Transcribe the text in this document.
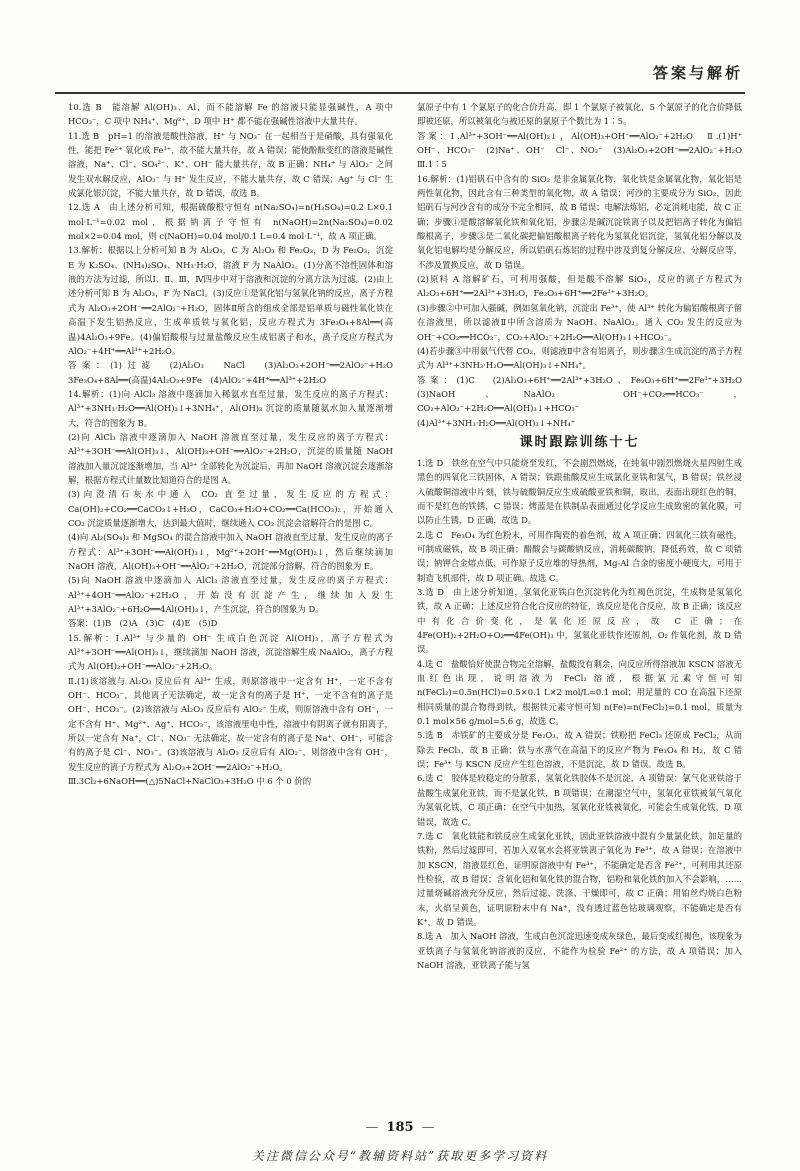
答案与解析

10.选 B　能溶解 Al(OH)₃、Al，而不能溶解 Fe 的溶液只能显强碱性，A 项中 HCO₃⁻，C 项中 NH₄⁺、Mg²⁺，D 项中 H⁺ 都不能在强碱性溶液中大量共存。

11.选 B　pH=1 的溶液是酸性溶液，H⁺ 与 NO₃⁻ 在一起相当于是硝酸，具有强氧化性，能把 Fe²⁺ 氧化成 Fe³⁺，故不能大量共存，故 A 错误；能使酚酞变红的溶液是碱性溶液，Na⁺、Cl⁻、SO₄²⁻、K⁺、OH⁻ 能大量共存，故 B 正确；NH₄⁺ 与 AlO₂⁻ 之间发生双水解反应，AlO₂⁻ 与 H⁺ 发生反应，不能大量共存，故 C 错误；Ag⁺ 与 Cl⁻ 生成氯化银沉淀，不能大量共存，故 D 错误，故选 B。

12.选 A　由上述分析可知，根据硫酸根守恒有 n(Na₂SO₄)=n(H₂SO₄)=0.2 L×0.1 mol·L⁻¹=0.02 mol，根据钠离子守恒有 n(NaOH)=2n(Na₂SO₄)=0.02 mol×2=0.04 mol，则 c(NaOH)=0.04 mol/0.1 L=0.4 mol·L⁻¹，故 A 项正确。

13.解析：根据以上分析可知 B 为 Al₂O₃，C 为 Al₂O₃ 和 Fe₂O₃，D 为 Fe₂O₃，沉淀 E 为 K₂SO₄、(NH₄)₂SO₄、NH₃·H₂O，溶液 F 为 NaAlO₂。(1)分离不溶性固体和溶液的方法为过滤，所以Ⅰ、Ⅱ、Ⅲ、Ⅳ四步中对于溶液和沉淀的分离方法为过滤。(2)由上述分析可知 B 为 Al₂O₃，F 为 NaCl。(3)反应①是氧化铝与氢氧化钠的反应，离子方程式为 Al₂O₃+2OH⁻══2AlO₂⁻+H₂O，固体Ⅱ所含的组成全部是铝单质与磁性氧化铁在高温下发生铝热反应，生成单质铁与氧化铝，反应方程式为 3Fe₃O₄+8Al══(高温)4Al₂O₃+9Fe。(4)偏铝酸根与过量盐酸反应生成铝离子和水，离子反应方程式为 AlO₂⁻+4H⁺══Al³⁺+2H₂O。

答案：(1)过滤　(2)Al₂O₃　NaCl　(3)Al₂O₃+2OH⁻══2AlO₂⁻+H₂O　3Fe₃O₄+8Al══(高温)4Al₂O₃+9Fe　(4)AlO₂⁻+4H⁺══Al³⁺+2H₂O

14.解析：(1)向 AlCl₃ 溶液中逐滴加入稀氨水直至过量，发生反应的离子方程式：Al³⁺+3NH₃·H₂O══Al(OH)₃↓+3NH₄⁺，Al(OH)₃ 沉淀的质量随氨水加入量逐渐增大，符合的图象为 B。

(2)向 AlCl₃ 溶液中逐滴加入 NaOH 溶液直至过量，发生反应的离子方程式：Al³⁺+3OH⁻══Al(OH)₃↓，Al(OH)₃+OH⁻══AlO₂⁻+2H₂O，沉淀的质量随 NaOH 溶液加入量沉淀逐渐增加，当 Al³⁺ 全部转化为沉淀后，再加 NaOH 溶液沉淀会逐渐溶解，根据方程式计量数比知道符合的是图 A。

(3)向澄清石灰水中通入 CO₂ 直至过量，发生反应的方程式：Ca(OH)₂+CO₂══CaCO₃↓+H₂O，CaCO₃+H₂O+CO₂══Ca(HCO₃)₂，开始通入 CO₂ 沉淀质量逐渐增大，达到最大值时，继续通入 CO₂ 沉淀会溶解符合的是图 C。

(4)向 Al₂(SO₄)₃ 和 MgSO₄ 的混合溶液中加入 NaOH 溶液直至过量，发生反应的离子方程式：Al³⁺+3OH⁻══Al(OH)₃↓，Mg²⁺+2OH⁻══Mg(OH)₂↓，然后继续滴加 NaOH 溶液，Al(OH)₃+OH⁻══AlO₂⁻+2H₂O，沉淀部分溶解，符合的图象为 E。

(5)向 NaOH 溶液中逐滴加入 AlCl₃ 溶液直至过量，发生反应的离子方程式：Al³⁺+4OH⁻══AlO₂⁻+2H₂O，开始没有沉淀产生，继续加入发生 Al³⁺+3AlO₂⁻+6H₂O══4Al(OH)₃↓，产生沉淀，符合的图象为 D。

答案：(1)B　(2)A　(3)C　(4)E　(5)D

15.解析：Ⅰ.Al³⁺ 与少量的 OH⁻ 生成白色沉淀 Al(OH)₃，离子方程式为 Al³⁺+3OH⁻══Al(OH)₃↓，继续滴加 NaOH 溶液，沉淀溶解生成 NaAlO₂，离子方程式为 Al(OH)₃+OH⁻══AlO₂⁻+2H₂O。

Ⅱ.(1)该溶液与 Al₂O₃ 反应后有 Al³⁺ 生成，则原溶液中一定含有 H⁺，一定不含有 OH⁻、HCO₃⁻，其他离子无法确定，故一定含有的离子是 H⁺，一定不含有的离子是 OH⁻、HCO₃⁻。(2)该溶液与 Al₂O₃ 反应后有 AlO₂⁻ 生成，则原溶液中含有 OH⁻，一定不含有 H⁺、Mg²⁺、Ag⁺、HCO₃⁻，该溶液里电中性，溶液中有阴离子就有阳离子，所以一定含有 Na⁺，Cl⁻、NO₃⁻ 无法确定，故一定含有的离子是 Na⁺、OH⁻，可能含有的离子是 Cl⁻、NO₃⁻。(3)该溶液与 Al₂O₃ 反应后有 AlO₂⁻，则溶液中含有 OH⁻，发生反应的离子方程式为 Al₂O₃+2OH⁻══2AlO₂⁻+H₂O。

Ⅲ.3Cl₂+6NaOH══(△)5NaCl+NaClO₃+3H₂O 中 6 个 0 价的

氯原子中有 1 个氯原子的化合价升高，即 1 个氯原子被氧化，5 个氯原子的化合价降低即被还原，所以被氧化与被还原的氯原子个数比为 1∶5。

答案：Ⅰ.Al³⁺+3OH⁻══Al(OH)₃↓，Al(OH)₃+OH⁻══AlO₂⁻+2H₂O　Ⅱ.(1)H⁺　OH⁻、HCO₃⁻　(2)Na⁺、OH⁻　Cl⁻、NO₃⁻　(3)Al₂O₃+2OH⁻══2AlO₂⁻+H₂O　Ⅲ.1∶5

16.解析：(1)铝矾石中含有的 SiO₂ 是非金属氧化物，氧化铁是金属氧化物，氧化铝是两性氧化物，因此含有三种类型的氧化物，故 A 错误；河沙的主要成分为 SiO₂，因此铝矾石与河沙含有的成分不完全相同，故 B 错误；电解法炼铝，必定消耗电能，故 C 正确；步骤①是酸溶解氧化铁和氧化铝，步骤②是碱沉淀铁离子以及把铝离子转化为偏铝酸根离子，步骤③是二氧化碳把偏铝酸根离子转化为氢氧化铝沉淀，氢氧化铝分解以及氧化铝电解均是分解反应，所以铝矾石炼铝的过程中涉及到复分解反应、分解反应等，不涉及置换反应，故 D 错误。

(2)原料 A 溶解矿石，可利用强酸，但是酸不溶解 SiO₂，反应的离子方程式为 Al₂O₃+6H⁺══2Al³⁺+3H₂O，Fe₂O₃+6H⁺══2Fe³⁺+3H₂O。

(3)步骤②中可加入强碱，例如氢氧化钠，沉淀出 Fe³⁺，使 Al³⁺ 转化为偏铝酸根离子留在溶液里，所以滤液Ⅱ中所含溶质为 NaOH、NaAlO₂。通入 CO₂ 发生的反应为 OH⁻+CO₂══HCO₃⁻，CO₂+AlO₂⁻+2H₂O══Al(OH)₃↓+HCO₃⁻。

(4)若步骤③中用氨气代替 CO₂，则滤液Ⅱ中含有铝离子，则步骤③生成沉淀的离子方程式为 Al³⁺+3NH₃·H₂O══Al(OH)₃↓+NH₄⁺。

答案：(1)C　(2)Al₂O₃+6H⁺══2Al³⁺+3H₂O、Fe₂O₃+6H⁺══2Fe³⁺+3H₂O　(3)NaOH、NaAlO₂　OH⁻+CO₂══HCO₃⁻，CO₂+AlO₂⁻+2H₂O══Al(OH)₃↓+HCO₃⁻　(4)Al³⁺+3NH₃·H₂O══Al(OH)₃↓+NH₄⁺

课时跟踪训练十七

1.选 D　铁丝在空气中只能烧至发红，不会剧烈燃烧，在纯氧中剧烈燃烧火星四射生成黑色的四氧化三铁固体，A 错误；铁跟盐酸反应生成氯化亚铁和氢气，B 错误；铁丝浸入硫酸铜溶液中片刻，铁与硫酸铜反应生成硫酸亚铁和铜，取出，表面出现红色的铜，而不是红色的铁锈，C 错误；烤蓝是在铁制品表面通过化学反应生成致密的氧化膜，可以防止生锈，D 正确，故选 D。

2.选 C　Fe₃O₄ 为红色粉末，可用作陶瓷的着色剂，故 A 项正确；四氧化三铁有磁性，可制成磁铁，故 B 项正确；醋酸会与碳酸钠反应，消耗碳酸钠，降低药效，故 C 项错误；钠钾合金熔点低，可作原子反应堆的导热剂，Mg-Al 合金的密度小硬度大，可用于制造飞机部件，故 D 项正确。故选 C。

3.选 D　由上述分析知道，氢氧化亚铁白色沉淀转化为红褐色沉淀，生成物是氢氧化铁，故 A 正确；上述反应符合化合反应的特征，该反应是化合反应，故 B 正确；该反应中有化合价变化，是氧化还原反应，故 C 正确；在 4Fe(OH)₂+2H₂O+O₂══4Fe(OH)₃ 中，氢氧化亚铁作还原剂，O₂ 作氧化剂，故 D 错误。

4.选 C　盐酸恰好使混合物完全溶解，盐酸没有剩余，向反应所得溶液加 KSCN 溶液无血红色出现，说明溶液为 FeCl₂ 溶液，根据氯元素守恒可知 n(FeCl₂)=0.5n(HCl)=0.5×0.1 L×2 mol/L=0.1 mol；用足量的 CO 在高温下还原相同质量的混合物得到铁，根据铁元素守恒可知 n(Fe)=n(FeCl₂)=0.1 mol，质量为 0.1 mol×56 g/mol=5.6 g，故选 C。

5.选 B　赤铁矿的主要成分是 Fe₂O₃，故 A 错误；铁粉把 FeCl₃ 还原成 FeCl₂，从而除去 FeCl₃，故 B 正确；铁与水蒸气在高温下的反应产物为 Fe₃O₄ 和 H₂，故 C 错误；Fe³⁺ 与 KSCN 反应产生红色溶液，不是沉淀，故 D 错误。故选 B。

6.选 C　胶体是较稳定的分散系，氢氧化铁胶体不是沉淀，A 项错误；氯气化亚铁溶于盐酸生成氯化亚铁，而不是氯化铁，B 项错误；在潮湿空气中，氢氧化亚铁被氧气氧化为氢氧化铁，C 项正确；在空气中加热，氢氧化亚铁被氧化，可能会生成氧化铁，D 项错误，故选 C。

7.选 C　氧化铁能和铁反应生成氯化亚铁，因此亚铁溶液中混有少量氯化铁，加足量的铁粉，然后过滤即可，若加入双氧水会将亚铁离子氧化为 Fe³⁺，故 A 错误；在溶液中加 KSCN，溶液显红色，证明原溶液中有 Fe³⁺，不能确定是否含 Fe²⁺，可利用其还原性检验，故 B 错误；含氧化铝和氧化铁的混合物，铝粉和氧化铁的加入不会影响，……过量烧碱溶液充分反应，然后过滤、洗涤、干燥即可，故 C 正确；用铂丝灼烧白色粉末，火焰呈黄色，证明原粉末中有 Na⁺，没有透过蓝色钴玻璃观察，不能确定是否有 K⁺，故 D 错误。

8.选 A　加入 NaOH 溶液，生成白色沉淀迅速变成灰绿色，最后变成红褐色，该现象为亚铁离子与氢氧化钠溶液的反应，不能作为检验 Fe²⁺ 的方法，故 A 项错误；加入 NaOH 溶液，亚铁离子能与氢

— 185 —
关注微信公众号“教辅资料站”获取更多学习资料
